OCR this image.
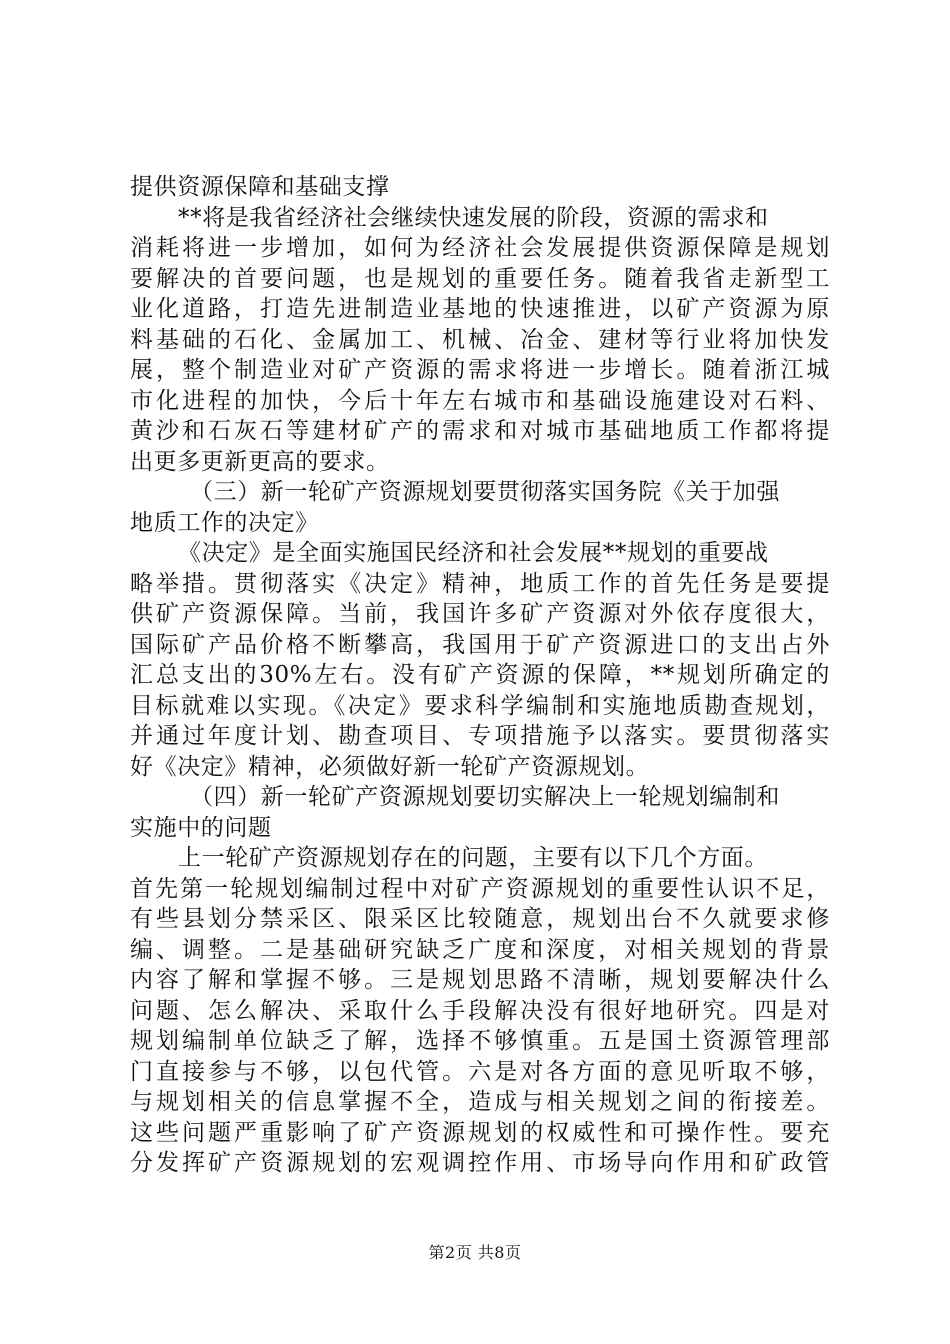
提供资源保障和基础支撑
**将是我省经济社会继续快速发展的阶段，资源的需求和
消耗将进一步增加，如何为经济社会发展提供资源保障是规划
要解决的首要问题，也是规划的重要任务。随着我省走新型工
业化道路，打造先进制造业基地的快速推进，以矿产资源为原
料基础的石化、金属加工、机械、冶金、建材等行业将加快发
展，整个制造业对矿产资源的需求将进一步增长。随着浙江城
市化进程的加快，今后十年左右城市和基础设施建设对石料、
黄沙和石灰石等建材矿产的需求和对城市基础地质工作都将提
出更多更新更高的要求。
（三）新一轮矿产资源规划要贯彻落实国务院《关于加强
地质工作的决定》
《决定》是全面实施国民经济和社会发展**规划的重要战
略举措。贯彻落实《决定》精神，地质工作的首先任务是要提
供矿产资源保障。当前，我国许多矿产资源对外依存度很大，
国际矿产品价格不断攀高，我国用于矿产资源进口的支出占外
汇总支出的30%左右。没有矿产资源的保障，**规划所确定的
目标就难以实现。《决定》要求科学编制和实施地质勘查规划，
并通过年度计划、勘查项目、专项措施予以落实。要贯彻落实
好《决定》精神，必须做好新一轮矿产资源规划。
（四）新一轮矿产资源规划要切实解决上一轮规划编制和
实施中的问题
上一轮矿产资源规划存在的问题，主要有以下几个方面。
首先第一轮规划编制过程中对矿产资源规划的重要性认识不足，
有些县划分禁采区、限采区比较随意，规划出台不久就要求修
编、调整。二是基础研究缺乏广度和深度，对相关规划的背景
内容了解和掌握不够。三是规划思路不清晰，规划要解决什么
问题、怎么解决、采取什么手段解决没有很好地研究。四是对
规划编制单位缺乏了解，选择不够慎重。五是国土资源管理部
门直接参与不够，以包代管。六是对各方面的意见听取不够，
与规划相关的信息掌握不全，造成与相关规划之间的衔接差。
这些问题严重影响了矿产资源规划的权威性和可操作性。要充
分发挥矿产资源规划的宏观调控作用、市场导向作用和矿政管
第2页 共8页
